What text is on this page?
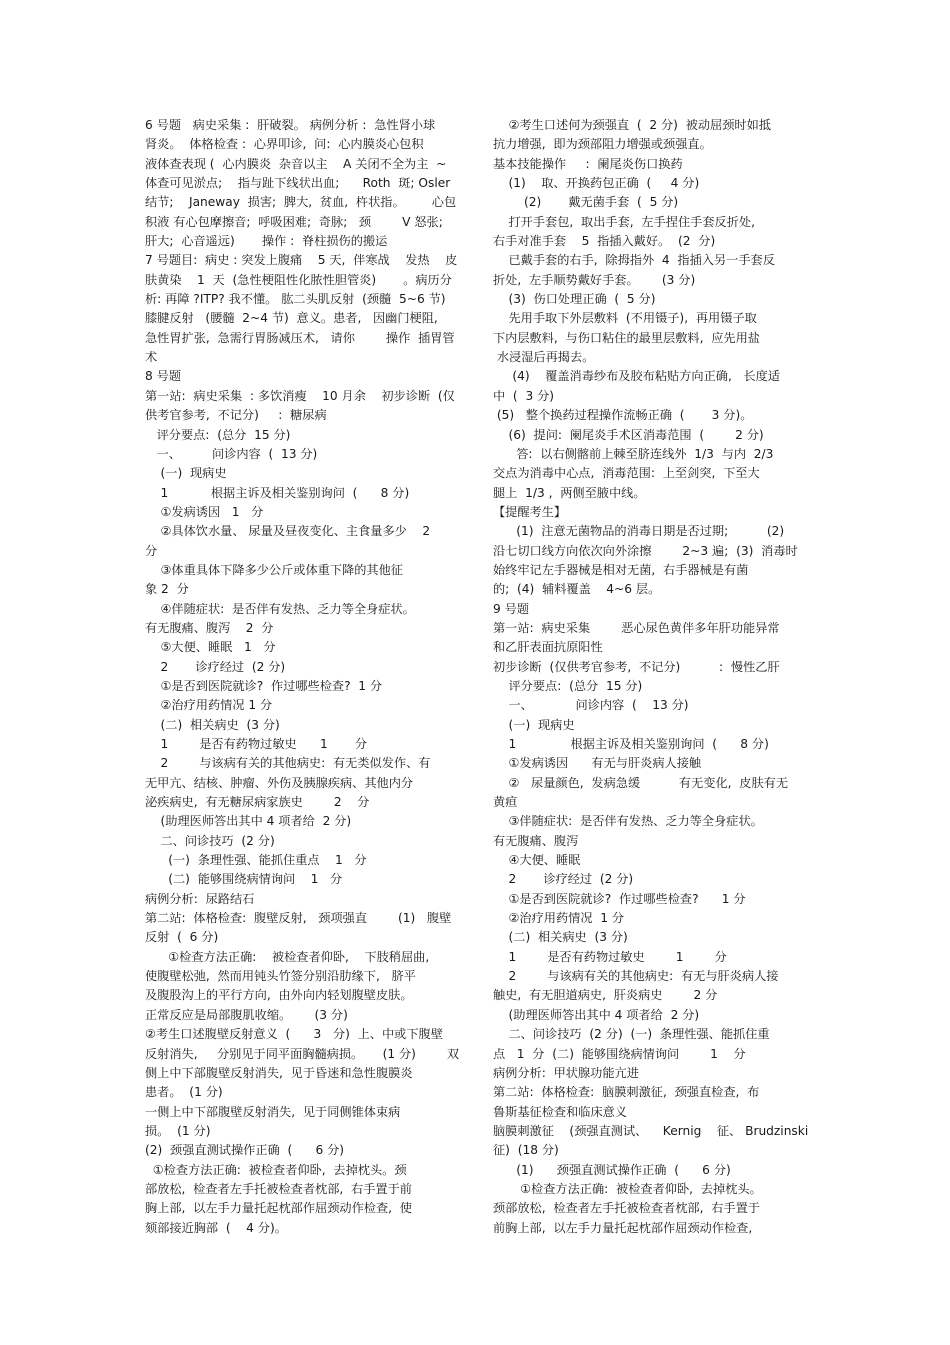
6 号题   病史采集 :  肝破裂。 病例分析 :  急性肾小球
肾炎。  体格检查 :  心界叩诊,  问:  心内膜炎心包积
液体查表现 (  心内膜炎  杂音以主    A 关闭不全为主  ~
体查可见淤点;    指与趾下线状出血;      Roth  斑; Osler
结节;    Janeway  损害;  脾大,  贫血,  杵状指。       心包
积液 有心包摩擦音;  呼吸困难;  奇脉;   颈        V 怒张;
肝大;  心音遥远)       操作 :  脊柱损伤的搬运
7 号题目:  病史 : 突发上腹痛    5 天,  伴寒战    发热    皮
肤黄染    1  天  (急性梗阻性化脓性胆管炎)       。病历分
析: 再障 ?ITP? 我不懂。 肱二头肌反射  (颈髓  5~6 节)
膝腱反射   (腰髓  2~4 节)  意义。患者,   因幽门梗阻,
急性胃扩张,  急需行胃肠减压术,   请你        操作  插胃管
术
8 号题
第一站:  病史采集  : 多饮消瘦    10 月余    初步诊断  (仅
供考官参考,  不记分)     :  糖尿病
评分要点:  (总分  15 分)
一、        问诊内容  (  13 分)
(一)  现病史
1           根据主诉及相关鉴别询问  (      8 分)
①发病诱因   1   分
②具体饮水量、 尿量及昼夜变化、主食量多少    2
分
③体重具体下降多少公斤或体重下降的其他征
象 2  分
④伴随症状:  是否伴有发热、乏力等全身症状。
有无腹痛、腹泻    2  分
⑤大便、睡眠   1   分
2       诊疗经过  (2 分)
①是否到医院就诊?  作过哪些检查?  1 分
②治疗用药情况 1 分
(二)  相关病史  (3 分)
1        是否有药物过敏史      1       分
2        与该病有关的其他病史:  有无类似发作、有
无甲亢、结核、肿瘤、外伤及胰腺疾病、其他内分
泌疾病史,  有无糖尿病家族史        2    分
(助理医师答出其中 4 项者给  2 分)
二、问诊技巧  (2 分)
(一)  条理性强、能抓住重点    1   分
(二)  能够围绕病情询问    1   分
病例分析:  尿路结石
第二站:  体格检查:  腹壁反射,   颈项强直        (1)   腹壁
反射  (  6 分)
①检查方法正确:    被检查者仰卧,    下肢稍屈曲,
使腹壁松弛,  然而用钝头竹签分别沿肋缘下,   脐平
及腹股沟上的平行方向,  由外向内轻划腹壁皮肤。
正常反应是局部腹肌收缩。      (3 分)
②考生口述腹壁反射意义  (      3   分)  上、中或下腹壁
反射消失,     分别见于同平面胸髓病损。     (1 分)        双
侧上中下部腹壁反射消失,  见于昏迷和急性腹膜炎
患者。  (1 分)
一侧上中下部腹壁反射消失,  见于同侧锥体束病
损。  (1 分)
(2)  颈强直测试操作正确  (      6 分)
①检查方法正确:  被检查者仰卧,  去掉枕头。颈
部放松,  检查者左手托被检查者枕部,  右手置于前
胸上部,  以左手力量托起枕部作屈颈动作检查,  使
颏部接近胸部  (    4 分)。
②考生口述何为颈强直  (  2 分)  被动屈颈时如抵
抗力增强,  即为颈部阻力增强或颈强直。
基本技能操作     :  阑尾炎伤口换药
(1)    取、开换药包正确  (     4 分)
(2)       戴无菌手套  (  5 分)
打开手套包,  取出手套,  左手捏住手套反折处,
右手对准手套    5  指插入戴好。  (2  分)
已戴手套的右手,  除拇指外  4  指插入另一手套反
折处,  左手顺势戴好手套。      (3 分)
(3)  伤口处理正确  (  5 分)
先用手取下外层敷料  (不用镊子),  再用镊子取
下内层敷料,  与伤口粘住的最里层敷料,  应先用盐
水浸湿后再揭去。
(4)    覆盖消毒纱布及胶布粘贴方向正确,   长度适
中  (  3 分)
(5)   整个换药过程操作流畅正确  (       3 分)。
(6)  提问:  阑尾炎手术区消毒范围  (        2 分)
答:  以右侧髂前上棘至脐连线外  1/3  与内  2/3
交点为消毒中心点,  消毒范围:  上至剑突,  下至大
腿上  1/3 ,  两侧至腋中线。
【提醒考生】
(1)  注意无菌物品的消毒日期是否过期;          (2)
沿七切口线方向依次向外涂擦        2~3 遍;  (3)  消毒时
始终牢记左手器械是相对无菌,  右手器械是有菌
的;  (4)  辅料覆盖    4~6 层。
9 号题
第一站:  病史采集        恶心尿色黄伴多年肝功能异常
和乙肝表面抗原阳性
初步诊断  (仅供考官参考,  不记分)          :  慢性乙肝
评分要点:  (总分  15 分)
一、           问诊内容  (    13 分)
(一)  现病史
1              根据主诉及相关鉴别询问  (      8 分)
①发病诱因      有无与肝炎病人接触
②   尿量颜色,  发病急缓          有无变化,  皮肤有无
黄疸
③伴随症状:  是否伴有发热、乏力等全身症状。
有无腹痛、腹泻
④大便、睡眠
2       诊疗经过  (2 分)
①是否到医院就诊?  作过哪些检查?      1 分
②治疗用药情况  1 分
(二)  相关病史  (3 分)
1        是否有药物过敏史        1        分
2        与该病有关的其他病史:  有无与肝炎病人接
触史,  有无胆道病史,  肝炎病史        2 分
(助理医师答出其中 4 项者给  2 分)
二、问诊技巧  (2 分)  (一)  条理性强、能抓住重
点   1  分  (二)  能够围绕病情询问        1    分
病例分析:  甲状腺功能亢进
第二站:  体格检查:  脑膜刺激征,  颈强直检查,  布
鲁斯基征检查和临床意义
脑膜刺激征    (颈强直测试、    Kernig    征、 Brudzinski
征)  (18 分)
(1)      颈强直测试操作正确  (      6 分)
①检查方法正确:  被检查者仰卧,  去掉枕头。
颈部放松,  检查者左手托被检查者枕部,  右手置于
前胸上部,  以左手力量托起枕部作屈颈动作检查,
